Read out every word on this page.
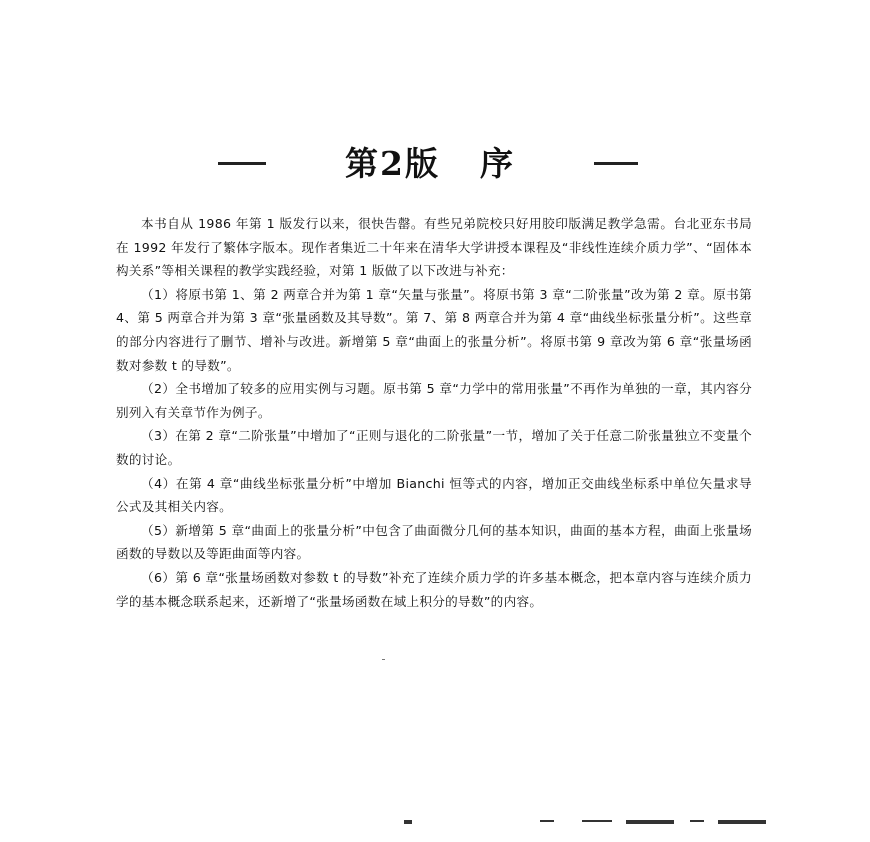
第2版 序

本书自从 1986 年第 1 版发行以来，很快告罄。有些兄弟院校只好用胶印版满足教学急需。台北亚东书局在 1992 年发行了繁体字版本。现作者集近二十年来在清华大学讲授本课程及“非线性连续介质力学”、“固体本构关系”等相关课程的教学实践经验，对第 1 版做了以下改进与补充：

（1）将原书第 1、第 2 两章合并为第 1 章“矢量与张量”。将原书第 3 章“二阶张量”改为第 2 章。原书第 4、第 5 两章合并为第 3 章“张量函数及其导数”。第 7、第 8 两章合并为第 4 章“曲线坐标张量分析”。这些章的部分内容进行了删节、增补与改进。新增第 5 章“曲面上的张量分析”。将原书第 9 章改为第 6 章“张量场函数对参数 t 的导数”。

（2）全书增加了较多的应用实例与习题。原书第 5 章“力学中的常用张量”不再作为单独的一章，其内容分别列入有关章节作为例子。

（3）在第 2 章“二阶张量”中增加了“正则与退化的二阶张量”一节，增加了关于任意二阶张量独立不变量个数的讨论。

（4）在第 4 章“曲线坐标张量分析”中增加 Bianchi 恒等式的内容，增加正交曲线坐标系中单位矢量求导公式及其相关内容。

（5）新增第 5 章“曲面上的张量分析”中包含了曲面微分几何的基本知识，曲面的基本方程，曲面上张量场函数的导数以及等距曲面等内容。

（6）第 6 章“张量场函数对参数 t 的导数”补充了连续介质力学的许多基本概念，把本章内容与连续介质力学的基本概念联系起来，还新增了“张量场函数在域上积分的导数”的内容。
